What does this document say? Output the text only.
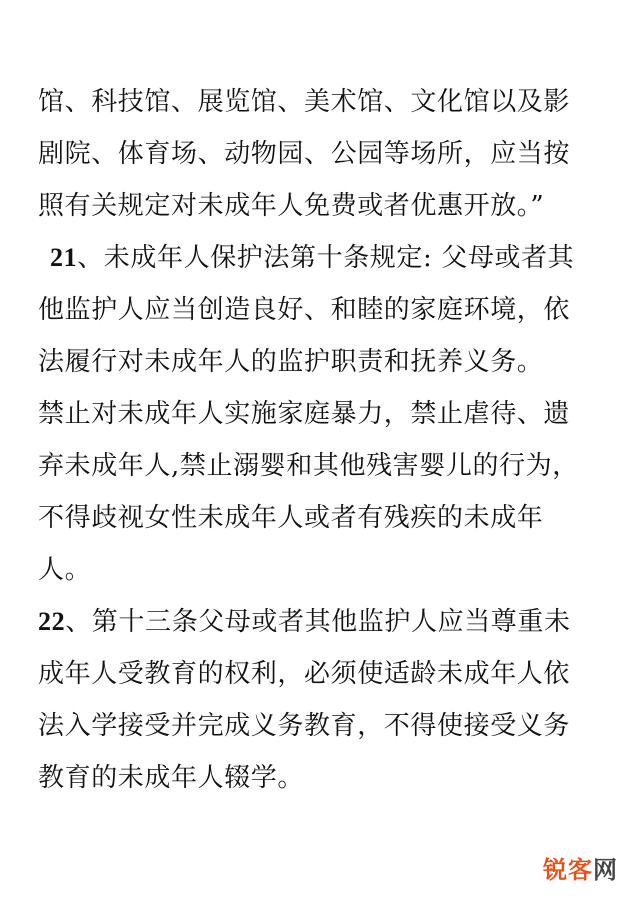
馆、科技馆、展览馆、美术馆、文化馆以及影
剧院、体育场、动物园、公园等场所，应当按
照有关规定对未成年人免费或者优惠开放。”
21、未成年人保护法第十条规定: 父母或者其
他监护人应当创造良好、和睦的家庭环境，依
法履行对未成年人的监护职责和抚养义务。
禁止对未成年人实施家庭暴力，禁止虐待、遗
弃未成年人,禁止溺婴和其他残害婴儿的行为，
不得歧视女性未成年人或者有残疾的未成年
人。
22、第十三条父母或者其他监护人应当尊重未
成年人受教育的权利，必须使适龄未成年人依
法入学接受并完成义务教育，不得使接受义务
教育的未成年人辍学。
锐客网
